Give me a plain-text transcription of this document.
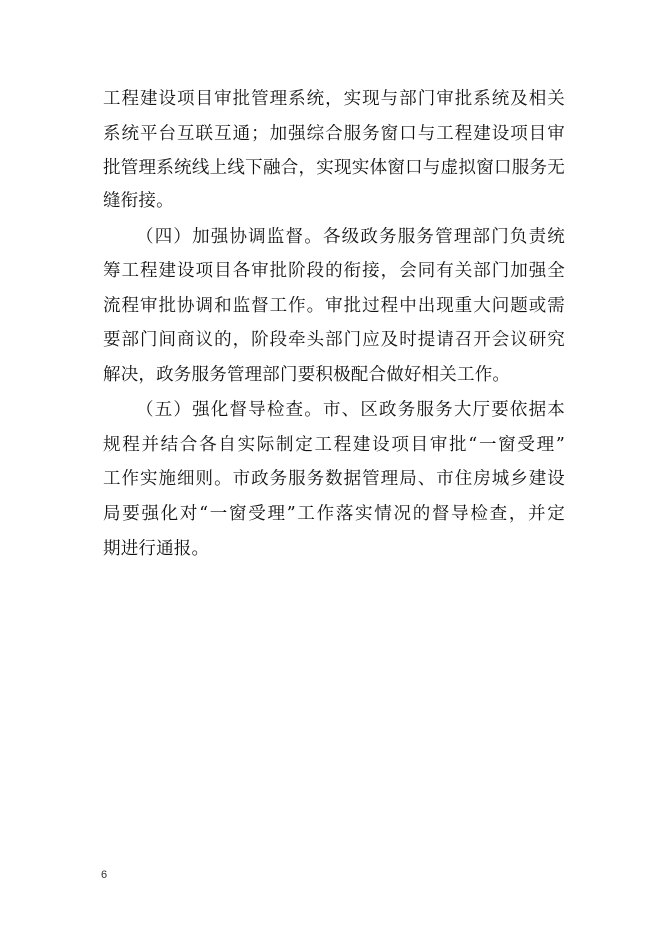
工程建设项目审批管理系统，实现与部门审批系统及相关

系统平台互联互通；加强综合服务窗口与工程建设项目审

批管理系统线上线下融合，实现实体窗口与虚拟窗口服务无

缝衔接。

（四）加强协调监督。各级政务服务管理部门负责统

筹工程建设项目各审批阶段的衔接，会同有关部门加强全

流程审批协调和监督工作。审批过程中出现重大问题或需

要部门间商议的，阶段牵头部门应及时提请召开会议研究

解决，政务服务管理部门要积极配合做好相关工作。

（五）强化督导检查。市、区政务服务大厅要依据本

规程并结合各自实际制定工程建设项目审批“一窗受理”

工作实施细则。市政务服务数据管理局、市住房城乡建设

局要强化对“一窗受理”工作落实情况的督导检查，并定

期进行通报。

6
